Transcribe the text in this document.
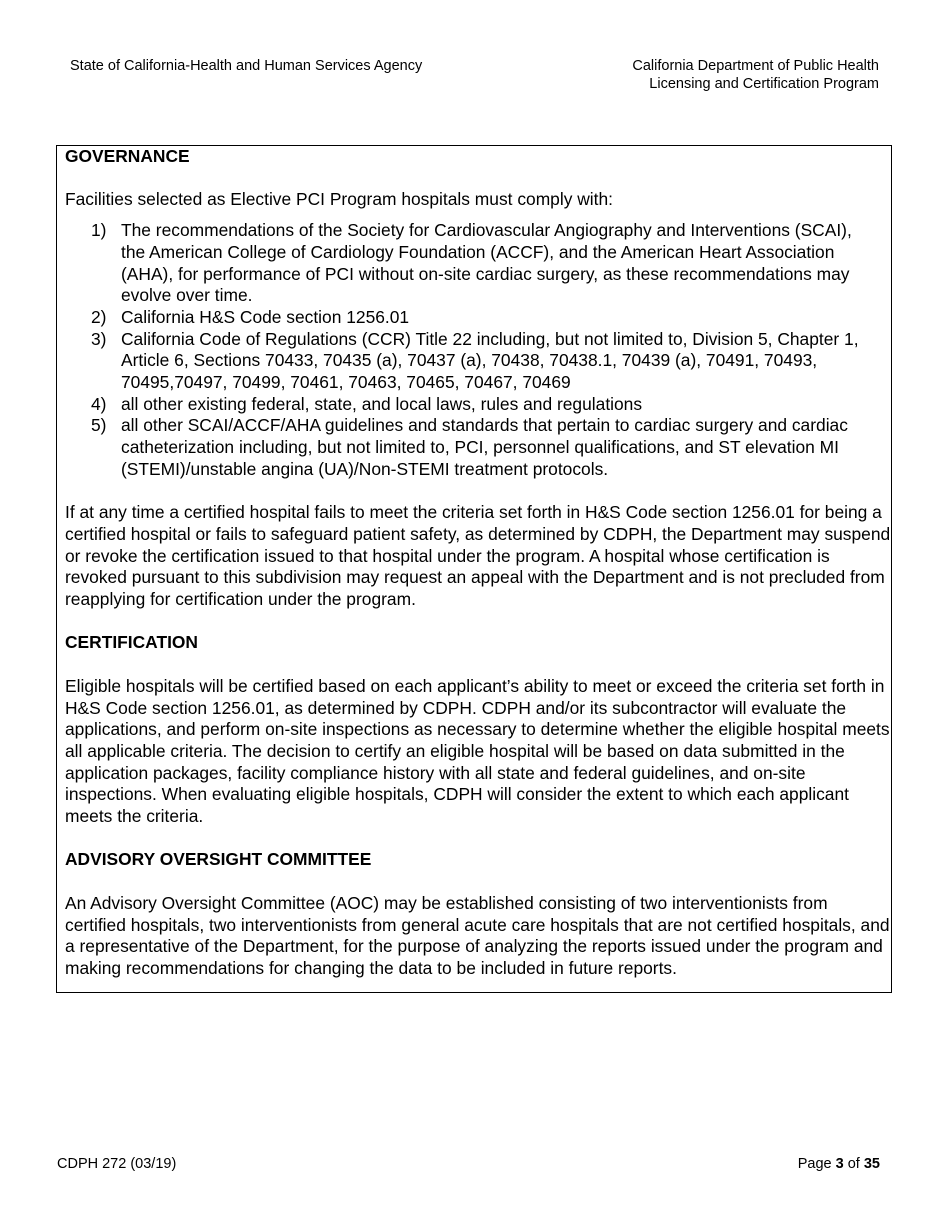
State of California-Health and Human Services Agency	California Department of Public Health
Licensing and Certification Program

GOVERNANCE

Facilities selected as Elective PCI Program hospitals must comply with:

1) The recommendations of the Society for Cardiovascular Angiography and Interventions (SCAI), the American College of Cardiology Foundation (ACCF), and the American Heart Association (AHA), for performance of PCI without on-site cardiac surgery, as these recommendations may evolve over time.
2) California H&S Code section 1256.01
3) California Code of Regulations (CCR) Title 22 including, but not limited to, Division 5, Chapter 1, Article 6, Sections 70433, 70435 (a), 70437 (a), 70438, 70438.1, 70439 (a), 70491, 70493, 70495,70497, 70499, 70461, 70463, 70465, 70467, 70469
4) all other existing federal, state, and local laws, rules and regulations
5) all other SCAI/ACCF/AHA guidelines and standards that pertain to cardiac surgery and cardiac catheterization including, but not limited to, PCI, personnel qualifications, and ST elevation MI (STEMI)/unstable angina (UA)/Non-STEMI treatment protocols.

If at any time a certified hospital fails to meet the criteria set forth in H&S Code section 1256.01 for being a certified hospital or fails to safeguard patient safety, as determined by CDPH, the Department may suspend or revoke the certification issued to that hospital under the program. A hospital whose certification is revoked pursuant to this subdivision may request an appeal with the Department and is not precluded from reapplying for certification under the program.

CERTIFICATION

Eligible hospitals will be certified based on each applicant’s ability to meet or exceed the criteria set forth in H&S Code section 1256.01, as determined by CDPH. CDPH and/or its subcontractor will evaluate the applications, and perform on-site inspections as necessary to determine whether the eligible hospital meets all applicable criteria. The decision to certify an eligible hospital will be based on data submitted in the application packages, facility compliance history with all state and federal guidelines, and on-site inspections. When evaluating eligible hospitals, CDPH will consider the extent to which each applicant meets the criteria.

ADVISORY OVERSIGHT COMMITTEE

An Advisory Oversight Committee (AOC) may be established consisting of two interventionists from certified hospitals, two interventionists from general acute care hospitals that are not certified hospitals, and a representative of the Department, for the purpose of analyzing the reports issued under the program and making recommendations for changing the data to be included in future reports.

CDPH 272 (03/19)	Page 3 of 35
